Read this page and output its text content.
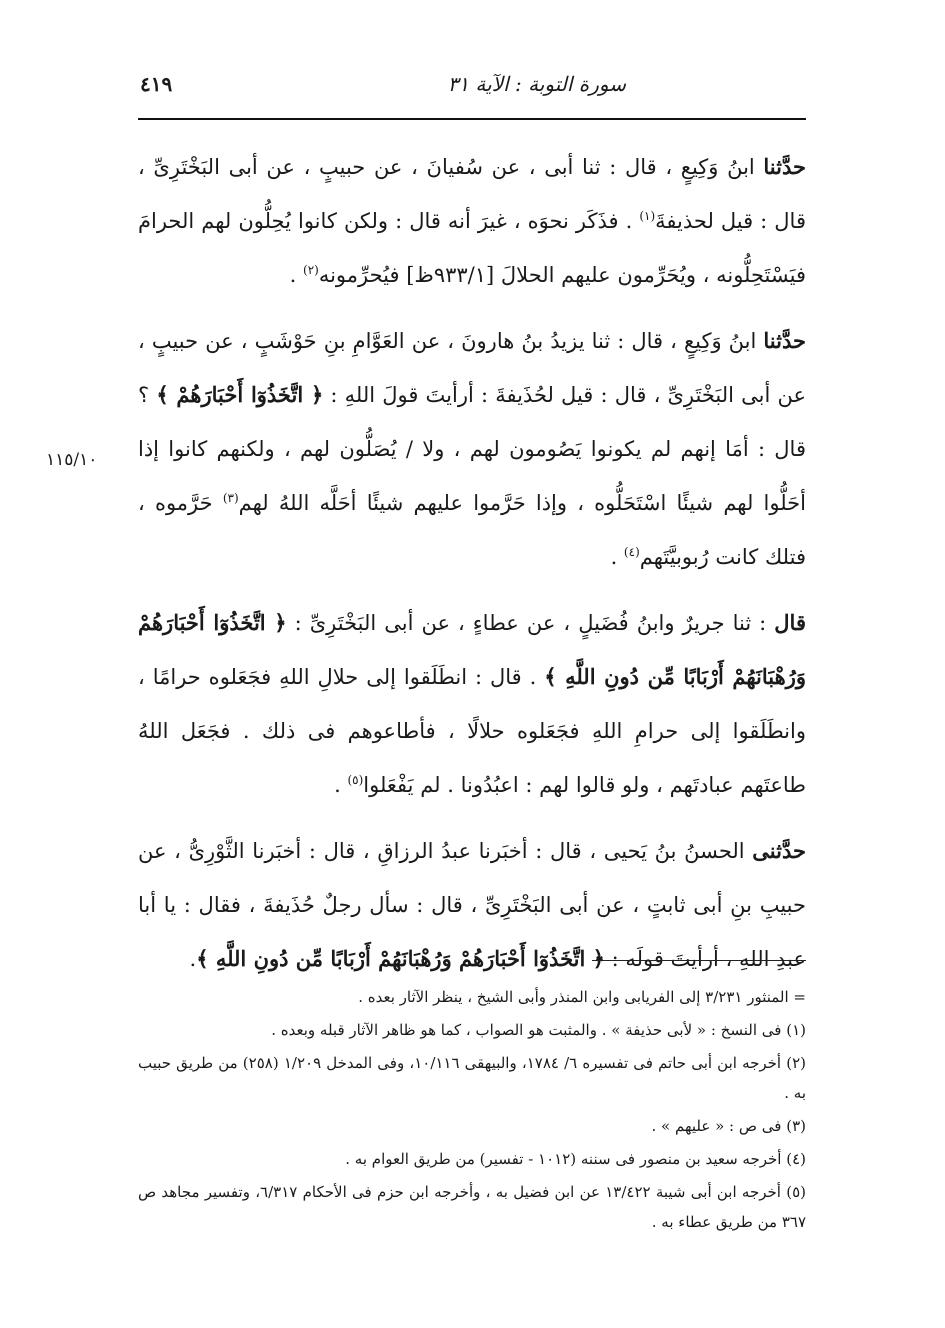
سورة التوبة : الآية ٣١
٤١٩
١١٥/١٠

حدَّثنا ابنُ وَكِيعٍ ، قال : ثنا أبى ، عن سُفيانَ ، عن حبيبٍ ، عن أبى البَخْتَرِىِّ ، قال : قيل لحذيفةَ$^{(١)}$ . فذَكَر نحوَه ، غيرَ أنه قال : ولكن كانوا يُحِلُّون لهم الحرامَ فيَسْتَحِلُّونه ، ويُحَرِّمون عليهم الحلالَ [٩٣٣/١ظ] فيُحرِّمونه$^{(٢)}$ .

حدَّثنا ابنُ وَكِيعٍ ، قال : ثنا يزيدُ بنُ هارونَ ، عن العَوَّامِ بنِ حَوْشَبٍ ، عن حبيبٍ ، عن أبى البَخْتَرِىِّ ، قال : قيل لحُذَيفةَ : أرأيتَ قولَ اللهِ : ﴿ اتَّخَذُوٓا أَحْبَارَهُمْ ﴾ ؟ قال : أمَا إنهم لم يكونوا يَصُومون لهم ، ولا / يُصَلُّون لهم ، ولكنهم كانوا إذا أحَلُّوا لهم شيئًا اسْتَحَلُّوه ، وإذا حَرَّموا عليهم شيئًا أحَلَّه اللهُ لهم$^{(٣)}$ حَرَّموه ، فتلك كانت رُبوبيَّتَهم$^{(٤)}$ .

قال : ثنا جريرٌ وابنُ فُضَيلٍ ، عن عطاءٍ ، عن أبى البَخْتَرِىِّ : ﴿ اتَّخَذُوٓا أَحْبَارَهُمْ وَرُهْبَانَهُمْ أَرْبَابًا مِّن دُونِ اللَّهِ ﴾ . قال : انطَلَقوا إلى حلالِ اللهِ فجَعَلوه حرامًا ، وانطَلَقوا إلى حرامِ اللهِ فجَعَلوه حلالًا ، فأطاعوهم فى ذلك . فجَعَل اللهُ طاعتَهم عبادتَهم ، ولو قالوا لهم : اعبُدُونا . لم يَفْعَلوا$^{(٥)}$ .

حدَّثنى الحسنُ بنُ يَحيى ، قال : أخبَرنا عبدُ الرزاقِ ، قال : أخبَرنا الثَّوْرِىُّ ، عن حبيبِ بنِ أبى ثابتٍ ، عن أبى البَخْتَرِىِّ ، قال : سأل رجلٌ حُذَيفةَ ، فقال : يا أبا عبدِ اللهِ ، أرأيتَ قولَه : ﴿ اتَّخَذُوٓا أَحْبَارَهُمْ وَرُهْبَانَهُمْ أَرْبَابًا مِّن دُونِ اللَّهِ ﴾.

= المنثور ٣/٢٣١ إلى الفريابى وابن المنذر وأبى الشيخ ، ينظر الآثار بعده .

(١) فى النسخ : « لأبى حذيفة » . والمثبت هو الصواب ، كما هو ظاهر الآثار قبله وبعده .

(٢) أخرجه ابن أبى حاتم فى تفسيره ٦/ ١٧٨٤، والبيهقى ١٠/١١٦، وفى المدخل ١/٢٠٩ (٢٥٨) من طريق حبيب به .

(٣) فى ص : « عليهم » .

(٤) أخرجه سعيد بن منصور فى سننه (١٠١٢ - تفسير) من طريق العوام به .

(٥) أخرجه ابن أبى شيبة ١٣/٤٢٢ عن ابن فضيل به ، وأخرجه ابن حزم فى الأحكام ٦/٣١٧، وتفسير مجاهد ص ٣٦٧ من طريق عطاء به .
